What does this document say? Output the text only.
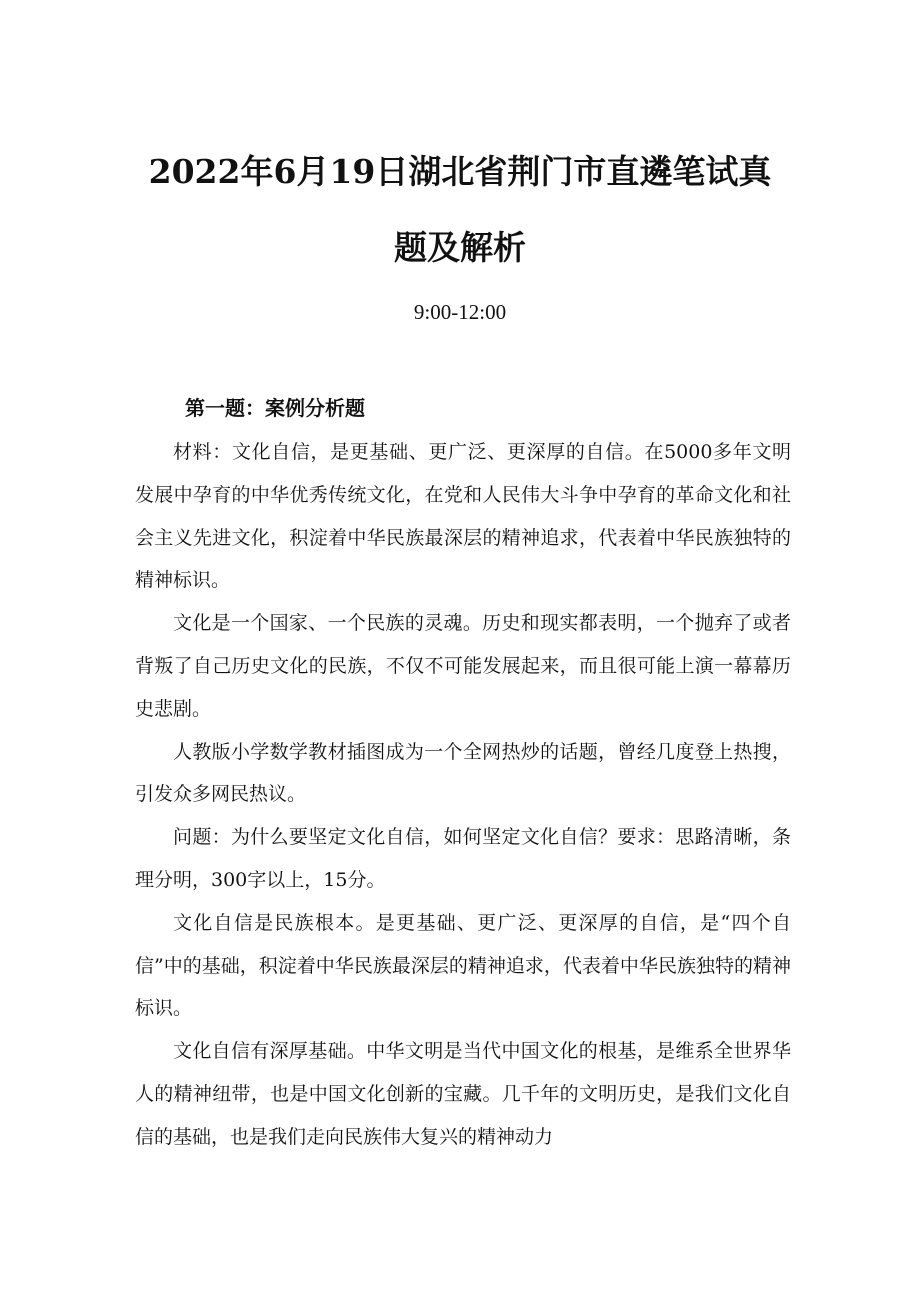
2022年6月19日湖北省荆门市直遴笔试真
题及解析
9:00-12:00
第一题：案例分析题

材料：文化自信，是更基础、更广泛、更深厚的自信。在5000多年文明发展中孕育的中华优秀传统文化，在党和人民伟大斗争中孕育的革命文化和社会主义先进文化，积淀着中华民族最深层的精神追求，代表着中华民族独特的精神标识。

文化是一个国家、一个民族的灵魂。历史和现实都表明，一个抛弃了或者背叛了自己历史文化的民族，不仅不可能发展起来，而且很可能上演一幕幕历史悲剧。

人教版小学数学教材插图成为一个全网热炒的话题，曾经几度登上热搜，引发众多网民热议。

问题：为什么要坚定文化自信，如何坚定文化自信？要求：思路清晰，条理分明，300字以上，15分。

文化自信是民族根本。是更基础、更广泛、更深厚的自信，是“四个自信”中的基础，积淀着中华民族最深层的精神追求，代表着中华民族独特的精神标识。

文化自信有深厚基础。中华文明是当代中国文化的根基，是维系全世界华人的精神纽带，也是中国文化创新的宝藏。几千年的文明历史，是我们文化自信的基础，也是我们走向民族伟大复兴的精神动力
